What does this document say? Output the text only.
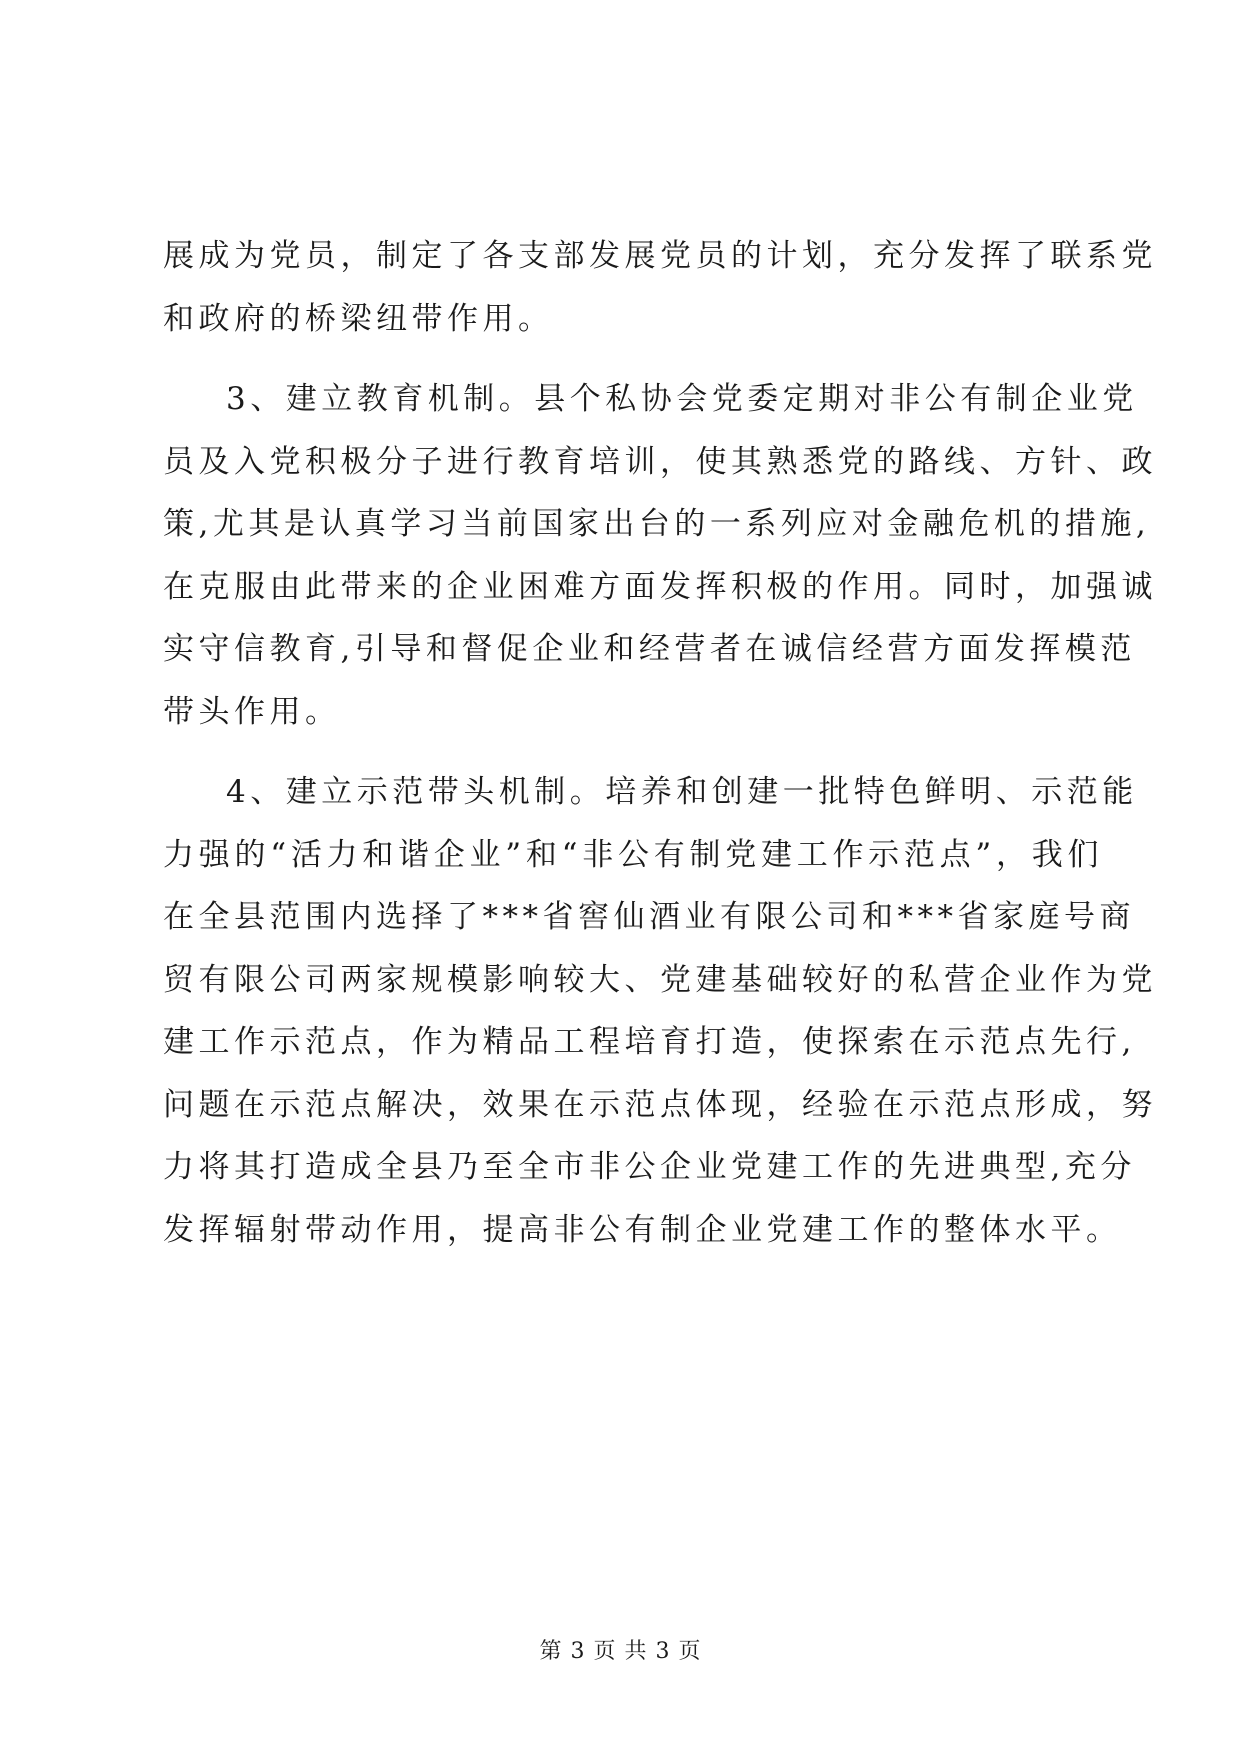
展成为党员，制定了各支部发展党员的计划，充分发挥了联系党
和政府的桥梁纽带作用。
3、建立教育机制。县个私协会党委定期对非公有制企业党
员及入党积极分子进行教育培训，使其熟悉党的路线、方针、政
策,尤其是认真学习当前国家出台的一系列应对金融危机的措施,
在克服由此带来的企业困难方面发挥积极的作用。同时，加强诚
实守信教育,引导和督促企业和经营者在诚信经营方面发挥模范
带头作用。
4、建立示范带头机制。培养和创建一批特色鲜明、示范能
力强的“活力和谐企业”和“非公有制党建工作示范点”，我们
在全县范围内选择了***省窖仙酒业有限公司和***省家庭号商
贸有限公司两家规模影响较大、党建基础较好的私营企业作为党
建工作示范点，作为精品工程培育打造，使探索在示范点先行,
问题在示范点解决，效果在示范点体现，经验在示范点形成，努
力将其打造成全县乃至全市非公企业党建工作的先进典型,充分
发挥辐射带动作用，提高非公有制企业党建工作的整体水平。
第 3 页 共 3 页
